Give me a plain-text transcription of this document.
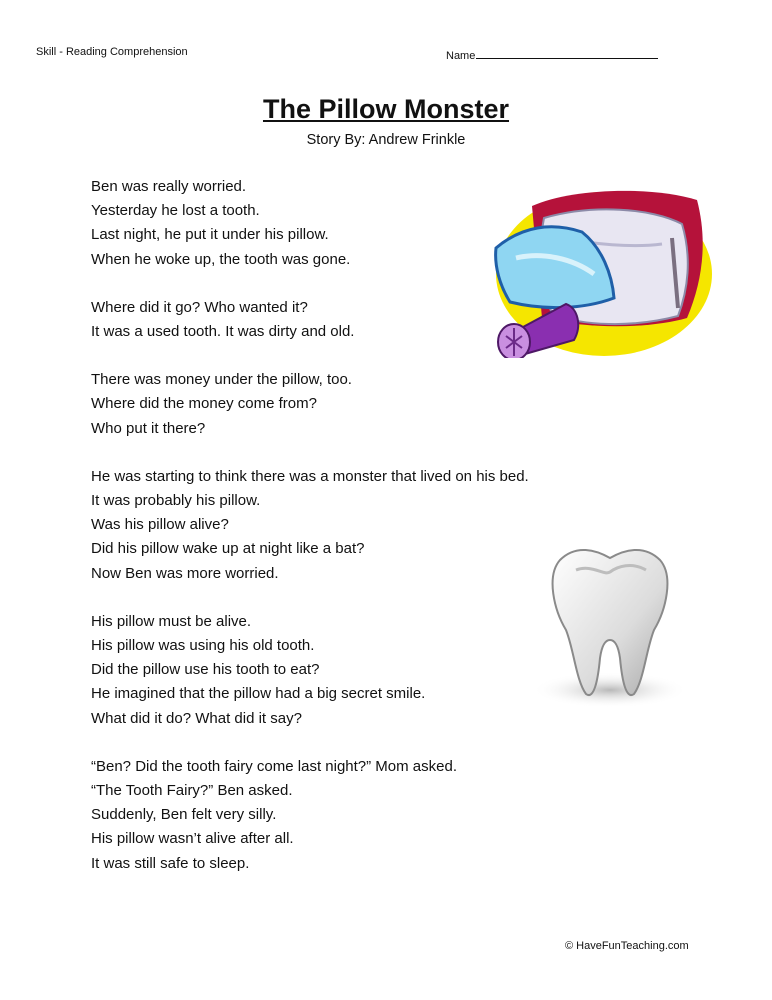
Skill - Reading Comprehension	Name
The Pillow Monster
Story By: Andrew Frinkle

Ben was really worried.
Yesterday he lost a tooth.
Last night, he put it under his pillow.
When he woke up, the tooth was gone.

Where did it go? Who wanted it?
It was a used tooth. It was dirty and old.

There was money under the pillow, too.
Where did the money come from?
Who put it there?

He was starting to think there was a monster that lived on his bed.
It was probably his pillow.
Was his pillow alive?
Did his pillow wake up at night like a bat?
Now Ben was more worried.

His pillow must be alive.
His pillow was using his old tooth.
Did the pillow use his tooth to eat?
He imagined that the pillow had a big secret smile.
What did it do? What did it say?

“Ben? Did the tooth fairy come last night?” Mom asked.
“The Tooth Fairy?” Ben asked.
Suddenly, Ben felt very silly.
His pillow wasn’t alive after all.
It was still safe to sleep.

© HaveFunTeaching.com
